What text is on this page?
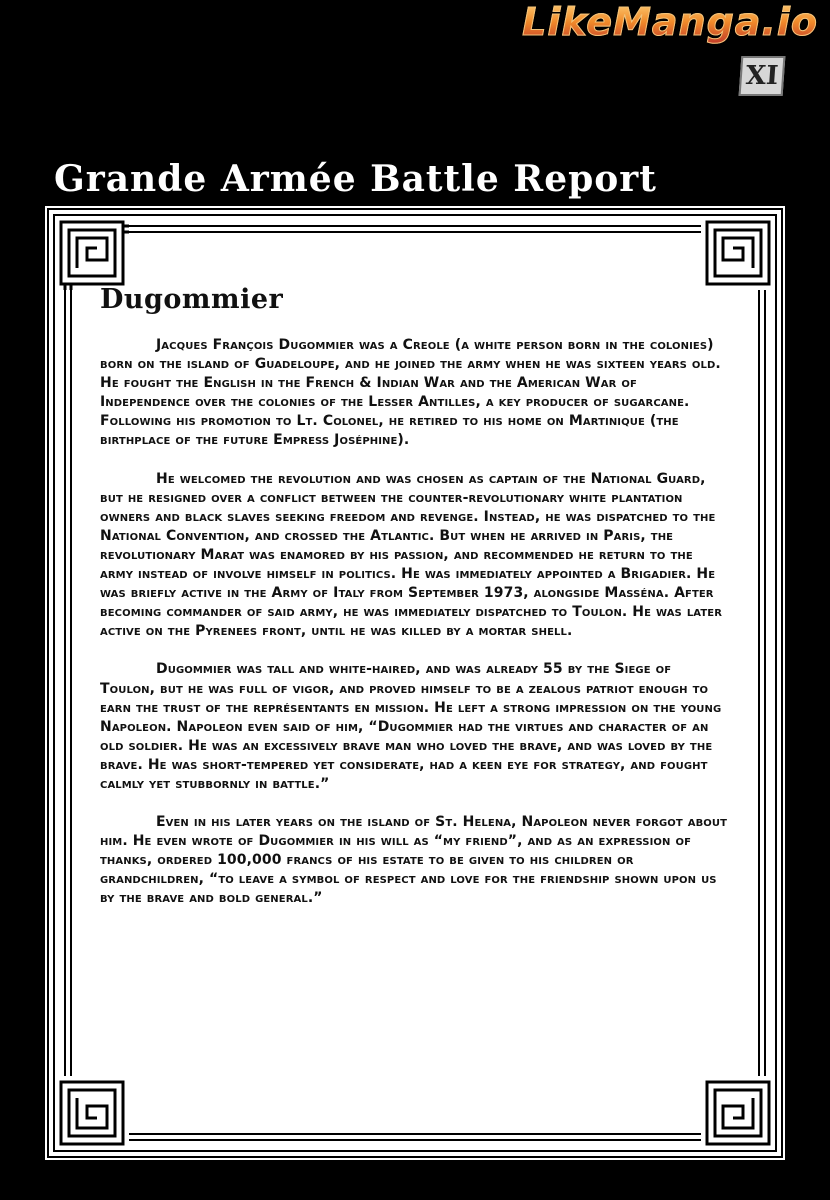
LikeManga.io
XI
Grande Armée Battle Report
Dugommier

Jacques François Dugommier was a Creole (a white person born in the colonies) born on the island of Guadeloupe, and he joined the army when he was sixteen years old. He fought the English in the French & Indian War and the American War of Independence over the colonies of the Lesser Antilles, a key producer of sugarcane. Following his promotion to Lt. Colonel, he retired to his home on Martinique (the birthplace of the future Empress Joséphine).

He welcomed the revolution and was chosen as captain of the National Guard, but he resigned over a conflict between the counter-revolutionary white plantation owners and black slaves seeking freedom and revenge. Instead, he was dispatched to the National Convention, and crossed the Atlantic. But when he arrived in Paris, the revolutionary Marat was enamored by his passion, and recommended he return to the army instead of involve himself in politics. He was immediately appointed a Brigadier. He was briefly active in the Army of Italy from September 1973, alongside Masséna. After becoming commander of said army, he was immediately dispatched to Toulon. He was later active on the Pyrenees front, until he was killed by a mortar shell.

Dugommier was tall and white-haired, and was already 55 by the Siege of Toulon, but he was full of vigor, and proved himself to be a zealous patriot enough to earn the trust of the représentants en mission. He left a strong impression on the young Napoleon. Napoleon even said of him, “Dugommier had the virtues and character of an old soldier. He was an excessively brave man who loved the brave, and was loved by the brave. He was short-tempered yet considerate, had a keen eye for strategy, and fought calmly yet stubbornly in battle.”

Even in his later years on the island of St. Helena, Napoleon never forgot about him. He even wrote of Dugommier in his will as “my friend”, and as an expression of thanks, ordered 100,000 francs of his estate to be given to his children or grandchildren, “to leave a symbol of respect and love for the friendship shown upon us by the brave and bold general.”
